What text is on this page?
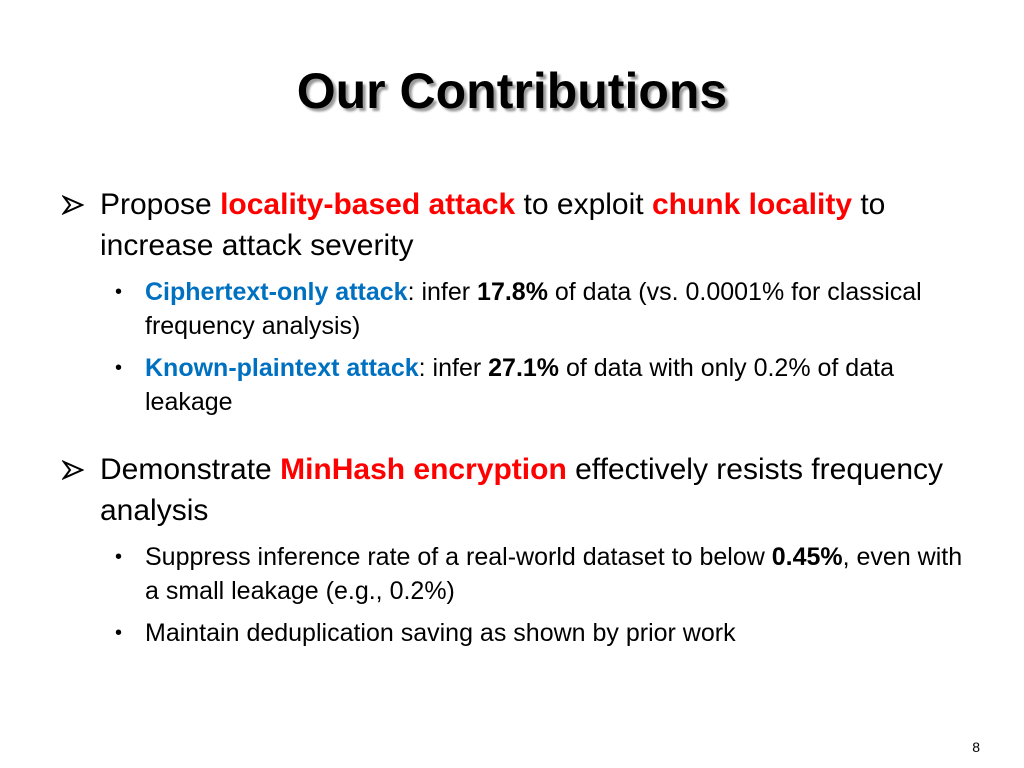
Our Contributions
Propose locality-based attack to exploit chunk locality to increase attack severity
• Ciphertext-only attack: infer 17.8% of data (vs. 0.0001% for classical frequency analysis)
• Known-plaintext attack: infer 27.1% of data with only 0.2% of data leakage
Demonstrate MinHash encryption effectively resists frequency analysis
• Suppress inference rate of a real-world dataset to below 0.45%, even with a small leakage (e.g., 0.2%)
• Maintain deduplication saving as shown by prior work
8
